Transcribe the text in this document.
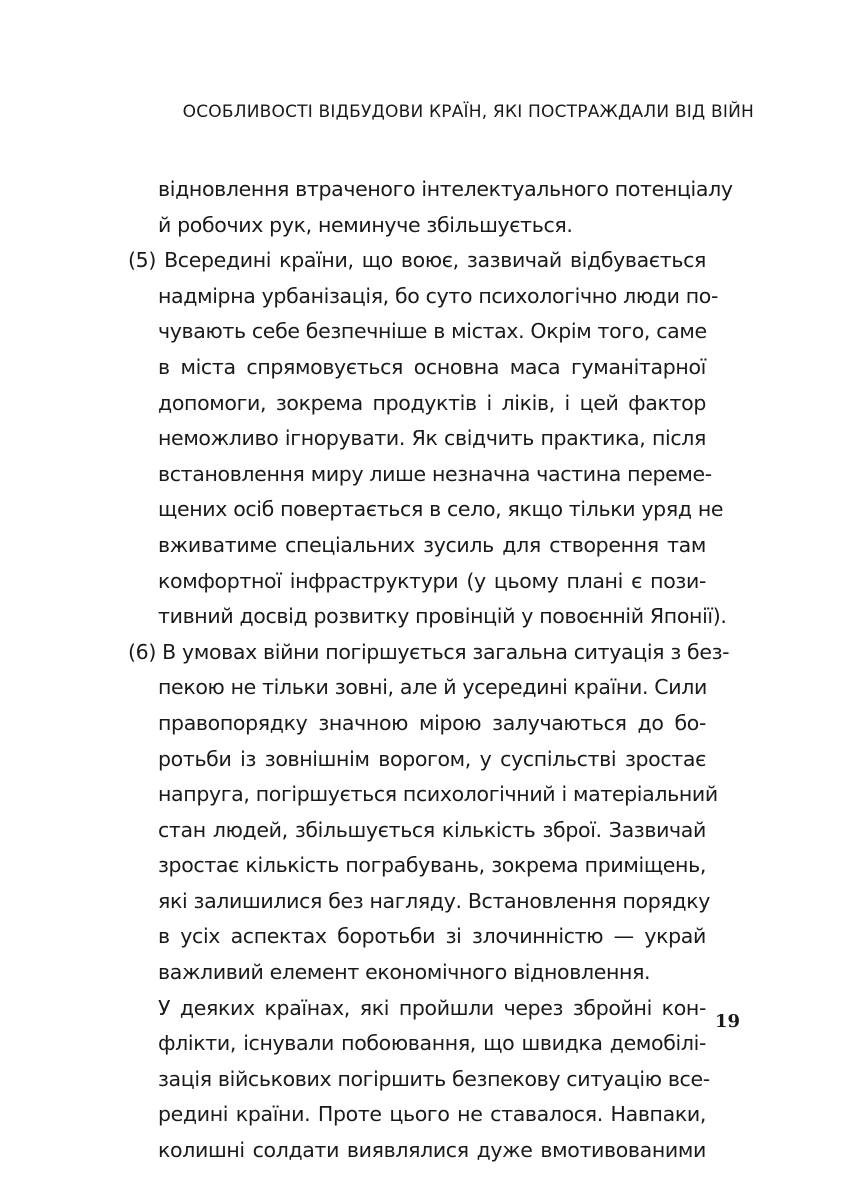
ОСОБЛИВОСТІ ВІДБУДОВИ КРАЇН, ЯКІ ПОСТРАЖДАЛИ ВІД ВІЙН
відновлення втраченого інтелектуального потенціалу
й робочих рук, неминуче збільшується.
(5) Всередині країни, що воює, зазвичай відбувається
надмірна урбанізація, бо суто психологічно люди по-
чувають себе безпечніше в містах. Окрім того, саме
в міста спрямовується основна маса гуманітарної
допомоги, зокрема продуктів і ліків, і цей фактор
неможливо ігнорувати. Як свідчить практика, після
встановлення миру лише незначна частина переме-
щених осіб повертається в село, якщо тільки уряд не
вживатиме спеціальних зусиль для створення там
комфортної інфраструктури (у цьому плані є пози-
тивний досвід розвитку провінцій у повоєнній Японії).
(6) В умовах війни погіршується загальна ситуація з без-
пекою не тільки зовні, але й усередині країни. Сили
правопорядку значною мірою залучаються до бо-
ротьби із зовнішнім ворогом, у суспільстві зростає
напруга, погіршується психологічний і матеріальний
стан людей, збільшується кількість зброї. Зазвичай
зростає кількість пограбувань, зокрема приміщень,
які залишилися без нагляду. Встановлення порядку
в усіх аспектах боротьби зі злочинністю — украй
важливий елемент економічного відновлення.
У деяких країнах, які пройшли через збройні кон-
флікти, існували побоювання, що швидка демобілі-
зація військових погіршить безпекову ситуацію все-
редині країни. Проте цього не ставалося. Навпаки,
колишні солдати виявлялися дуже вмотивованими
19
